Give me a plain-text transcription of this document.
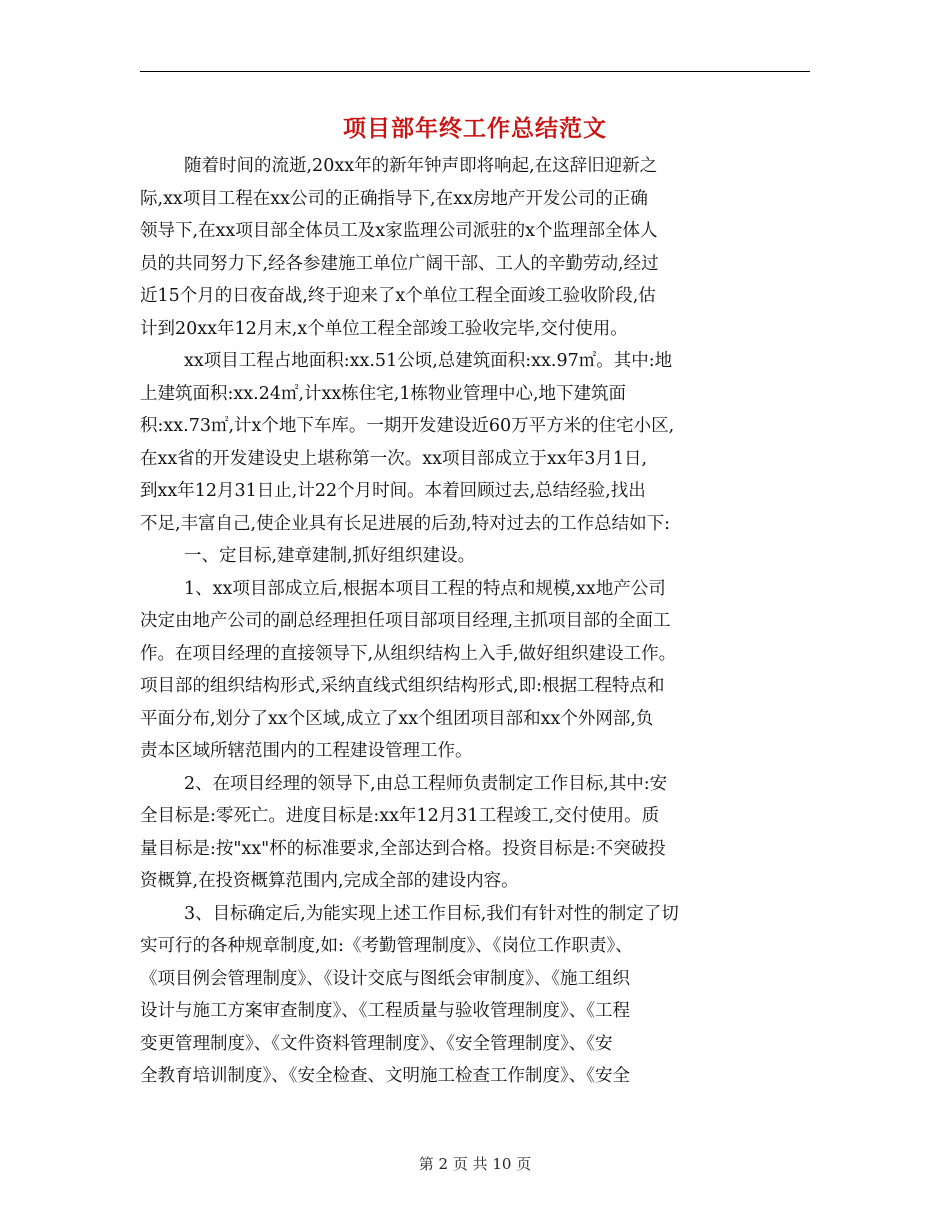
项目部年终工作总结范文
随着时间的流逝,20xx年的新年钟声即将响起,在这辞旧迎新之
际,xx项目工程在xx公司的正确指导下,在xx房地产开发公司的正确
领导下,在xx项目部全体员工及x家监理公司派驻的x个监理部全体人
员的共同努力下,经各参建施工单位广阔干部、工人的辛勤劳动,经过
近15个月的日夜奋战,终于迎来了x个单位工程全面竣工验收阶段,估
计到20xx年12月末,x个单位工程全部竣工验收完毕,交付使用。
xx项目工程占地面积:xx.51公顷,总建筑面积:xx.97㎡。其中:地
上建筑面积:xx.24㎡,计xx栋住宅,1栋物业管理中心,地下建筑面
积:xx.73㎡,计x个地下车库。一期开发建设近60万平方米的住宅小区,
在xx省的开发建设史上堪称第一次。xx项目部成立于xx年3月1日,
到xx年12月31日止,计22个月时间。本着回顾过去,总结经验,找出
不足,丰富自己,使企业具有长足进展的后劲,特对过去的工作总结如下:
一、定目标,建章建制,抓好组织建设。
1、xx项目部成立后,根据本项目工程的特点和规模,xx地产公司
决定由地产公司的副总经理担任项目部项目经理,主抓项目部的全面工
作。在项目经理的直接领导下,从组织结构上入手,做好组织建设工作。
项目部的组织结构形式,采纳直线式组织结构形式,即:根据工程特点和
平面分布,划分了xx个区域,成立了xx个组团项目部和xx个外网部,负
责本区域所辖范围内的工程建设管理工作。
2、在项目经理的领导下,由总工程师负责制定工作目标,其中:安
全目标是:零死亡。进度目标是:xx年12月31工程竣工,交付使用。质
量目标是:按"xx"杯的标准要求,全部达到合格。投资目标是:不突破投
资概算,在投资概算范围内,完成全部的建设内容。
3、目标确定后,为能实现上述工作目标,我们有针对性的制定了切
实可行的各种规章制度,如:《考勤管理制度》、《岗位工作职责》、
《项目例会管理制度》、《设计交底与图纸会审制度》、《施工组织
设计与施工方案审查制度》、《工程质量与验收管理制度》、《工程
变更管理制度》、《文件资料管理制度》、《安全管理制度》、《安
全教育培训制度》、《安全检查、文明施工检查工作制度》、《安全
第 2 页 共 10 页
